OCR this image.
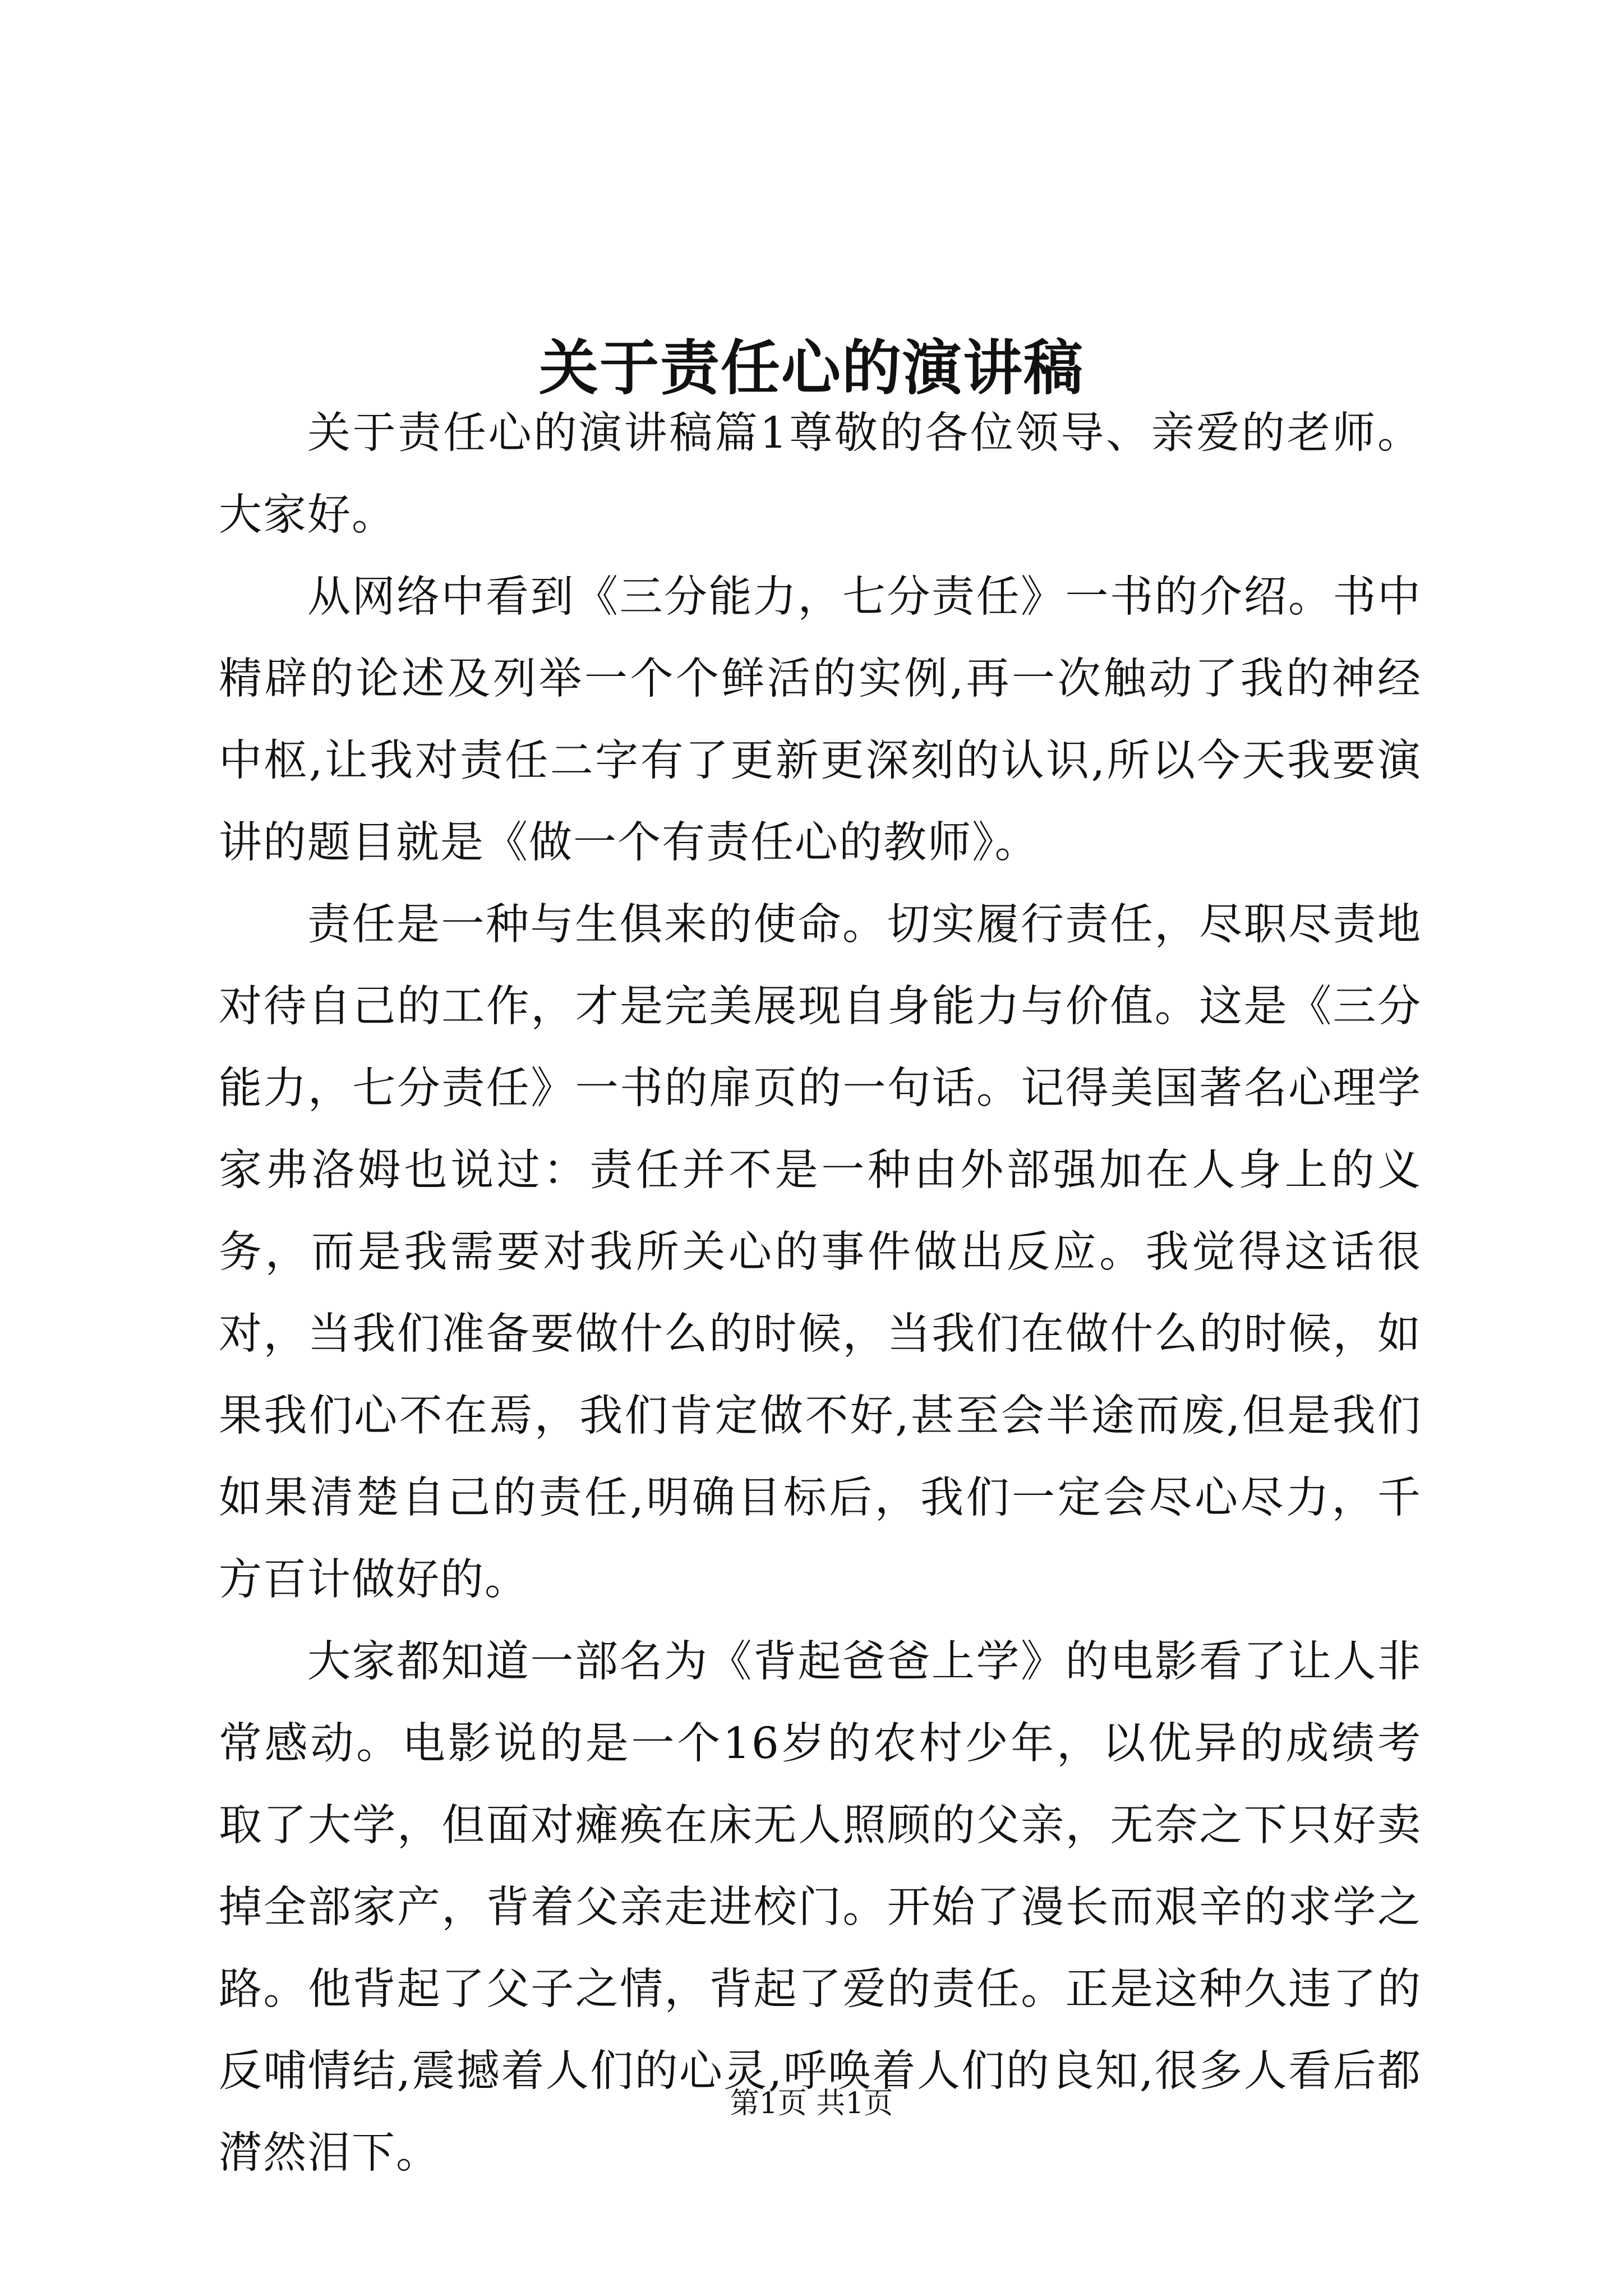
关于责任心的演讲稿

关于责任心的演讲稿篇1尊敬的各位领导、亲爱的老师。大家好。

从网络中看到《三分能力，七分责任》一书的介绍。书中精辟的论述及列举一个个鲜活的实例,再一次触动了我的神经中枢,让我对责任二字有了更新更深刻的认识,所以今天我要演讲的题目就是《做一个有责任心的教师》。

责任是一种与生俱来的使命。切实履行责任，尽职尽责地对待自己的工作，才是完美展现自身能力与价值。这是《三分能力，七分责任》一书的扉页的一句话。记得美国著名心理学家弗洛姆也说过：责任并不是一种由外部强加在人身上的义务，而是我需要对我所关心的事件做出反应。我觉得这话很对，当我们准备要做什么的时候，当我们在做什么的时候，如果我们心不在焉，我们肯定做不好,甚至会半途而废,但是我们如果清楚自己的责任,明确目标后，我们一定会尽心尽力，千方百计做好的。

大家都知道一部名为《背起爸爸上学》的电影看了让人非常感动。电影说的是一个16岁的农村少年，以优异的成绩考取了大学，但面对瘫痪在床无人照顾的父亲，无奈之下只好卖掉全部家产，背着父亲走进校门。开始了漫长而艰辛的求学之路。他背起了父子之情，背起了爱的责任。正是这种久违了的反哺情结,震撼着人们的心灵,呼唤着人们的良知,很多人看后都潸然泪下。

第1页 共1页
